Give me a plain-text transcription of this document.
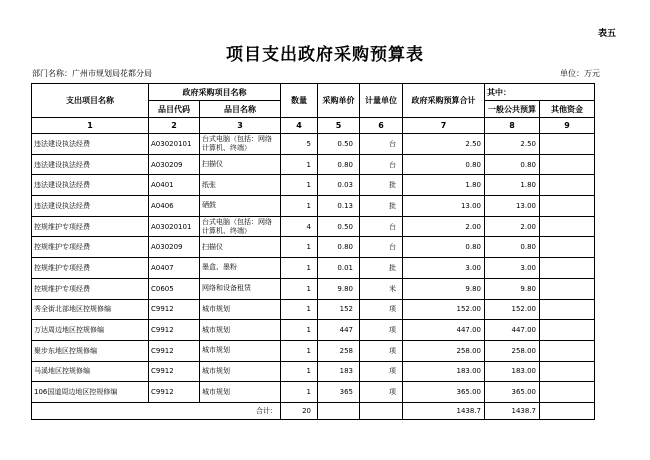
表五
项目支出政府采购预算表
部门名称：广州市规划局花都分局	单位：万元
支出项目名称	政府采购项目名称		数量	采购单价	计量单位	政府采购预算合计	其中：	
	品目代码	品目名称					一般公共预算	其他资金
1	2	3	4	5	6	7	8	9
违法建设执法经费	A03020101	台式电脑（包括：网络计算机、终端）	5	0.50	台	2.50	2.50	
违法建设执法经费	A030209	扫描仪	1	0.80	台	0.80	0.80	
违法建设执法经费	A0401	纸张	1	0.03	批	1.80	1.80	
违法建设执法经费	A0406	硒鼓	1	0.13	批	13.00	13.00	
控规维护专项经费	A03020101	台式电脑（包括：网络计算机、终端）	4	0.50	台	2.00	2.00	
控规维护专项经费	A030209	扫描仪	1	0.80	台	0.80	0.80	
控规维护专项经费	A0407	墨盒、墨粉	1	0.01	批	3.00	3.00	
控规维护专项经费	C0605	网络和设备租赁	1	9.80	米	9.80	9.80	
秀全街北部地区控规修编	C9912	城市规划	1	152	项	152.00	152.00	
万达周边地区控规修编	C9912	城市规划	1	447	项	447.00	447.00	
聚步东地区控规修编	C9912	城市规划	1	258	项	258.00	258.00	
马溪地区控规修编	C9912	城市规划	1	183	项	183.00	183.00	
106国道周边地区控规修编	C9912	城市规划	1	365	项	365.00	365.00	
合计：			20			1438.7	1438.7	
